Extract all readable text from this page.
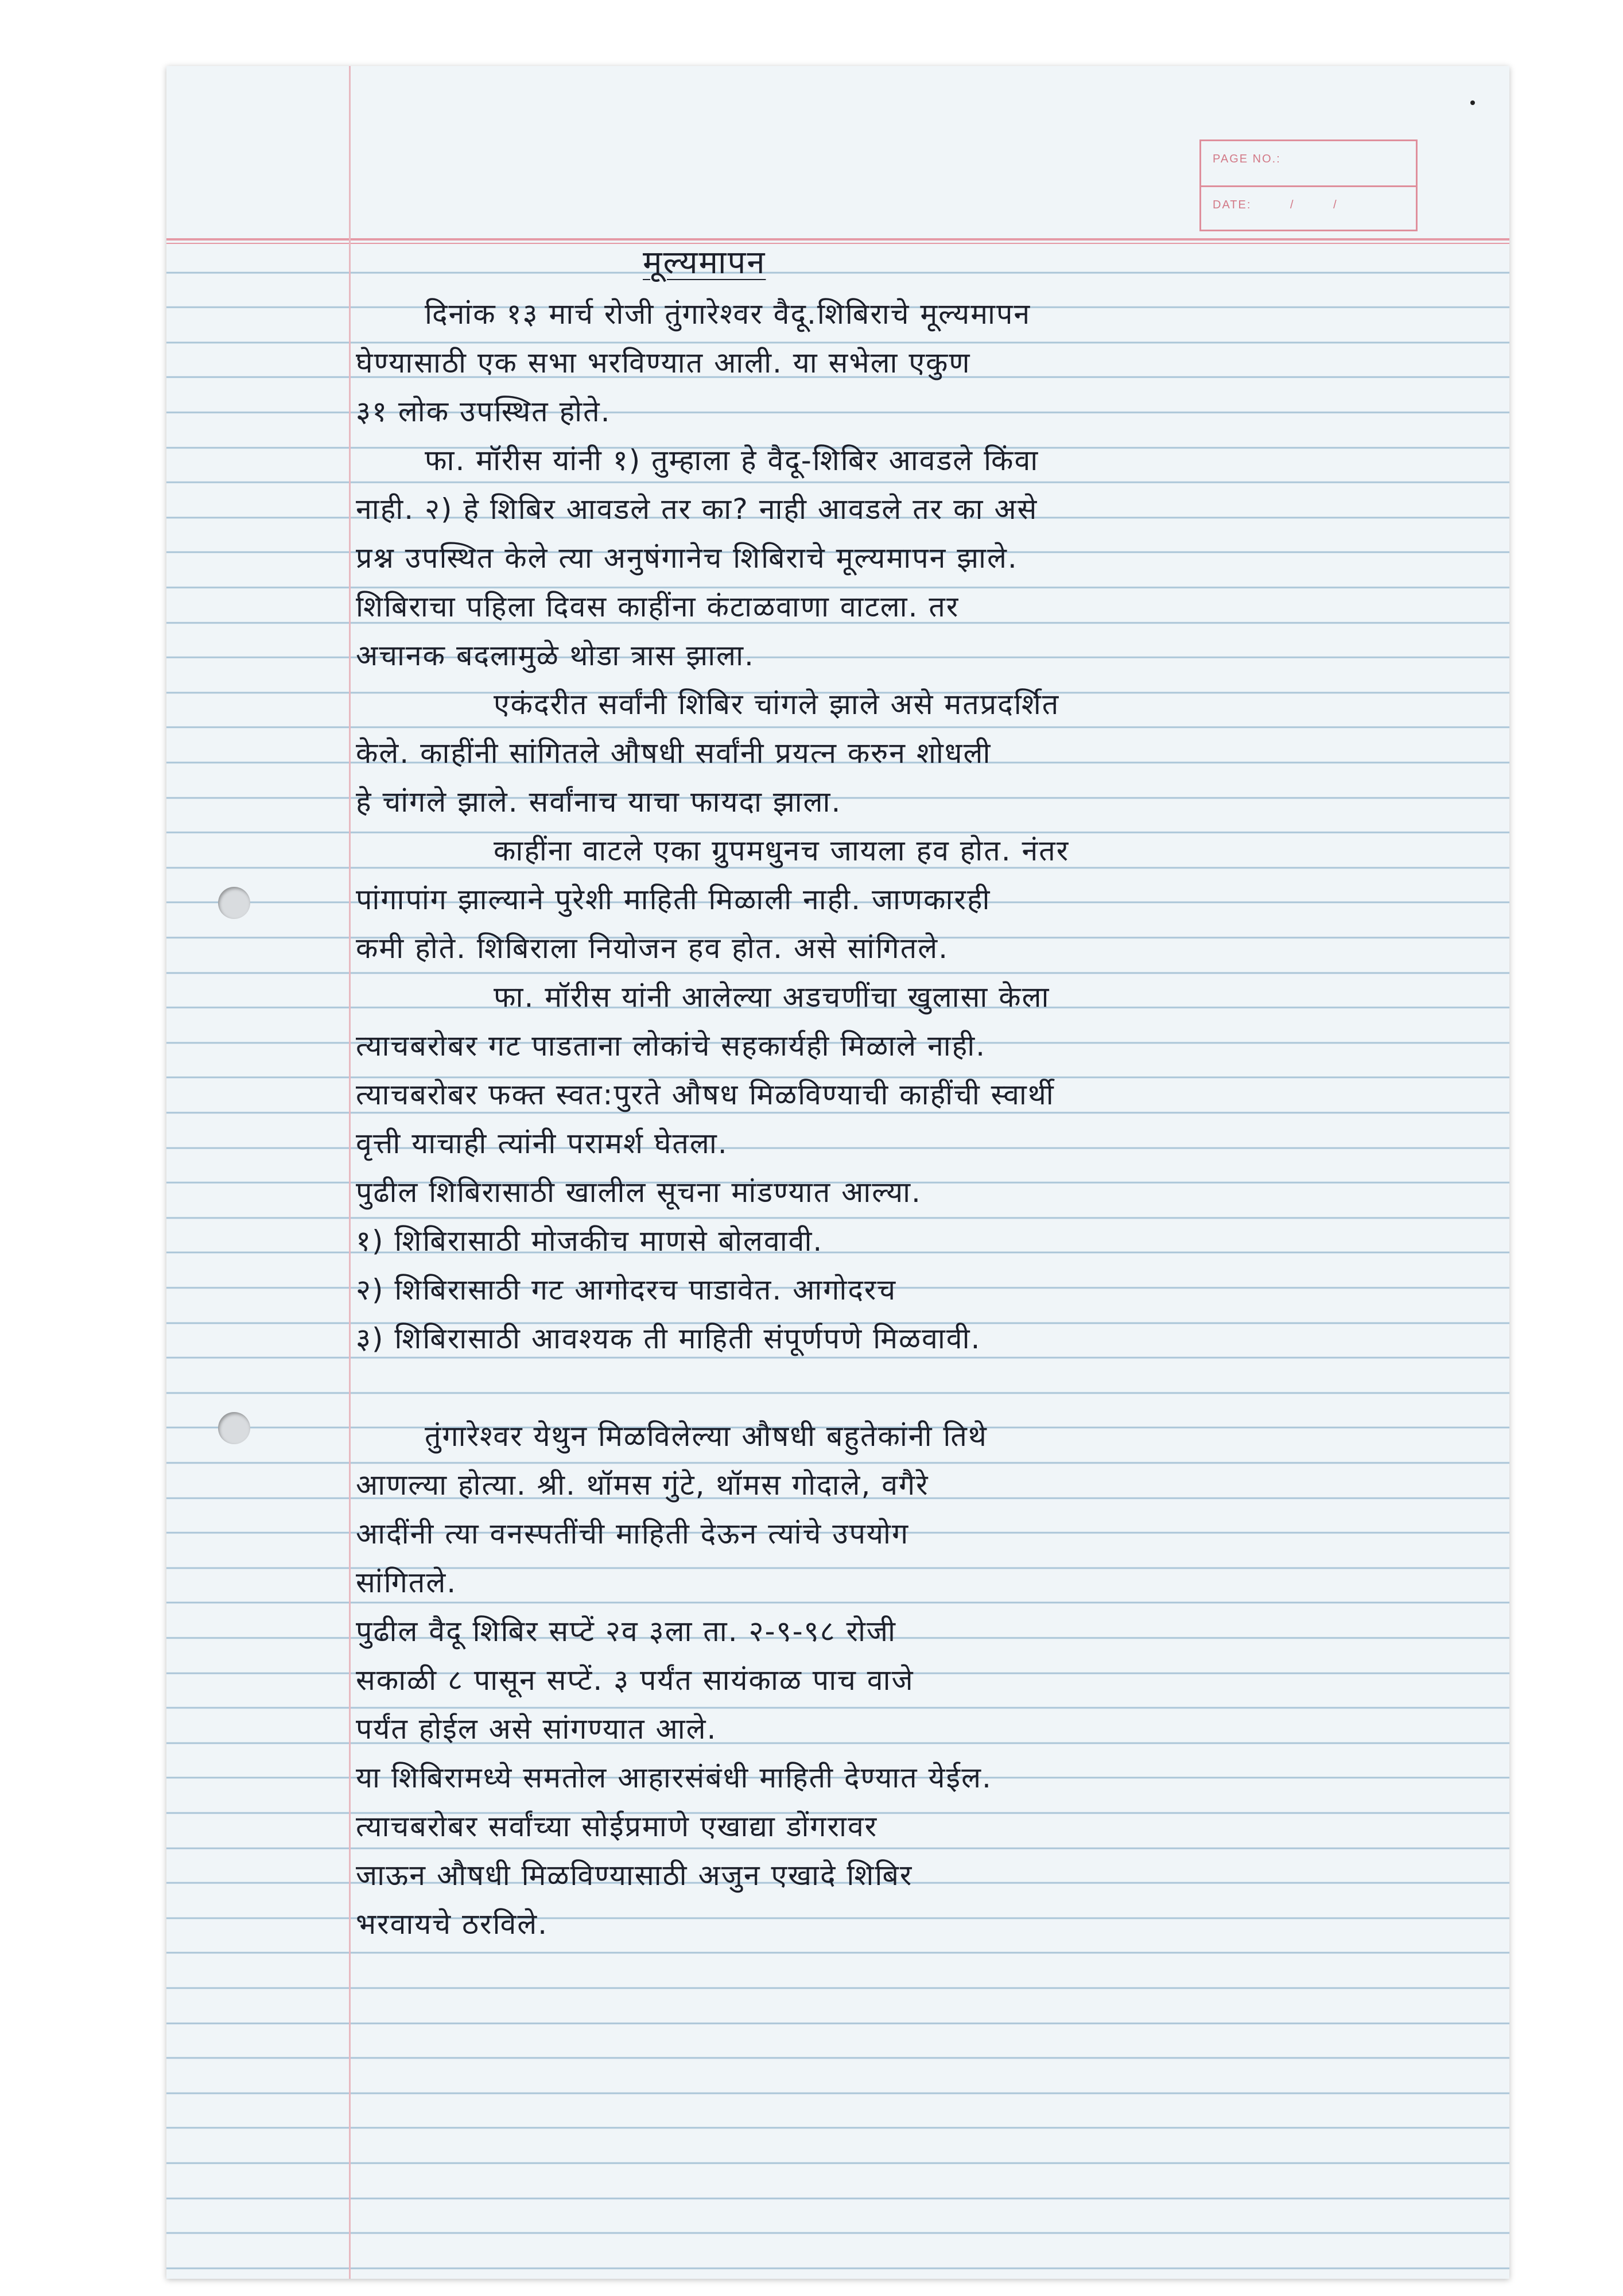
PAGE NO.:
DATE:	/	/
मूल्यमापन
दिनांक १३ मार्च रोजी तुंगारेश्वर वैदू.शिबिराचे मूल्यमापन
घेण्यासाठी एक सभा भरविण्यात आली. या सभेला एकुण
३१ लोक उपस्थित होते.
फा. मॉरीस यांनी १) तुम्हाला हे वैदू-शिबिर आवडले किंवा
नाही. २) हे शिबिर आवडले तर का? नाही आवडले तर का असे
प्रश्न उपस्थित केले त्या अनुषंगानेच शिबिराचे मूल्यमापन झाले.
शिबिराचा पहिला दिवस काहींना कंटाळवाणा वाटला. तर
अचानक बदलामुळे थोडा त्रास झाला.
एकंदरीत सर्वांनी शिबिर चांगले झाले असे मतप्रदर्शित
केले. काहींनी सांगितले औषधी सर्वांनी प्रयत्न करुन शोधली
हे चांगले झाले. सर्वांनाच याचा फायदा झाला.
काहींना वाटले एका ग्रुपमधुनच जायला हव होत. नंतर
पांगापांग झाल्याने पुरेशी माहिती मिळाली नाही. जाणकारही
कमी होते. शिबिराला नियोजन हव होत. असे सांगितले.
फा. मॉरीस यांनी आलेल्या अडचणींचा खुलासा केला
त्याचबरोबर गट पाडताना लोकांचे सहकार्यही मिळाले नाही.
त्याचबरोबर फक्त स्वत:पुरते औषध मिळविण्याची काहींची स्वार्थी
वृत्ती याचाही त्यांनी परामर्श घेतला.
पुढील शिबिरासाठी खालील सूचना मांडण्यात आल्या.
१) शिबिरासाठी मोजकीच माणसे बोलवावी.
२) शिबिरासाठी गट आगोदरच पाडावेत. आगोदरच
३) शिबिरासाठी आवश्यक ती माहिती संपूर्णपणे मिळवावी.
तुंगारेश्वर येथुन मिळविलेल्या औषधी बहुतेकांनी तिथे
आणल्या होत्या. श्री. थॉमस गुंटे, थॉमस गोदाले, वगैरे
आदींनी त्या वनस्पतींची माहिती देऊन त्यांचे उपयोग
सांगितले.
पुढील वैदू शिबिर सप्टें २व ३ला ता. २-९-९८ रोजी
सकाळी ८ पासून सप्टें. ३ पर्यंत सायंकाळ पाच वाजे
पर्यंत होईल असे सांगण्यात आले.
या शिबिरामध्ये समतोल आहारसंबंधी माहिती देण्यात येईल.
त्याचबरोबर सर्वांच्या सोईप्रमाणे एखाद्या डोंगरावर
जाऊन औषधी मिळविण्यासाठी अजुन एखादे शिबिर
भरवायचे ठरविले.
